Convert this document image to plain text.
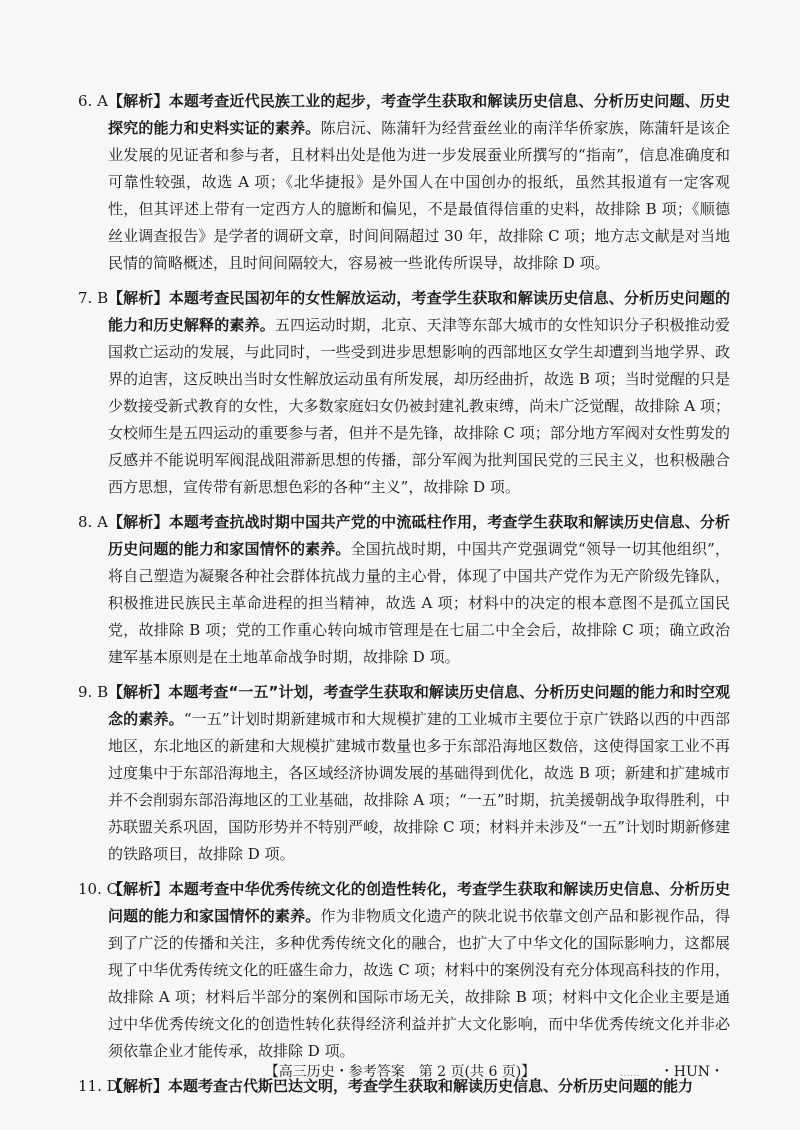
6. A 【解析】本题考查近代民族工业的起步，考查学生获取和解读历史信息、分析历史问题、历史探究的能力和史料实证的素养。陈启沅、陈蒲轩为经营蚕丝业的南洋华侨家族，陈蒲轩是该企业发展的见证者和参与者，且材料出处是他为进一步发展蚕业所撰写的“指南”，信息准确度和可靠性较强，故选 A 项；《北华捷报》是外国人在中国创办的报纸，虽然其报道有一定客观性，但其评述上带有一定西方人的臆断和偏见，不是最值得信重的史料，故排除 B 项；《顺德丝业调查报告》是学者的调研文章，时间间隔超过 30 年，故排除 C 项；地方志文献是对当地民情的简略概述，且时间间隔较大，容易被一些讹传所误导，故排除 D 项。
7. B 【解析】本题考查民国初年的女性解放运动，考查学生获取和解读历史信息、分析历史问题的能力和历史解释的素养。五四运动时期，北京、天津等东部大城市的女性知识分子积极推动爱国救亡运动的发展，与此同时，一些受到进步思想影响的西部地区女学生却遭到当地学界、政界的迫害，这反映出当时女性解放运动虽有所发展，却历经曲折，故选 B 项；当时觉醒的只是少数接受新式教育的女性，大多数家庭妇女仍被封建礼教束缚，尚未广泛觉醒，故排除 A 项；女校师生是五四运动的重要参与者，但并不是先锋，故排除 C 项；部分地方军阀对女性剪发的反感并不能说明军阀混战阻滞新思想的传播，部分军阀为批判国民党的三民主义，也积极融合西方思想，宣传带有新思想色彩的各种“主义”，故排除 D 项。
8. A 【解析】本题考查抗战时期中国共产党的中流砥柱作用，考查学生获取和解读历史信息、分析历史问题的能力和家国情怀的素养。全国抗战时期，中国共产党强调党“领导一切其他组织”，将自己塑造为凝聚各种社会群体抗战力量的主心骨，体现了中国共产党作为无产阶级先锋队，积极推进民族民主革命进程的担当精神，故选 A 项；材料中的决定的根本意图不是孤立国民党，故排除 B 项；党的工作重心转向城市管理是在七届二中全会后，故排除 C 项；确立政治建军基本原则是在土地革命战争时期，故排除 D 项。
9. B 【解析】本题考查“一五”计划，考查学生获取和解读历史信息、分析历史问题的能力和时空观念的素养。“一五”计划时期新建城市和大规模扩建的工业城市主要位于京广铁路以西的中西部地区，东北地区的新建和大规模扩建城市数量也多于东部沿海地区数倍，这使得国家工业不再过度集中于东部沿海地主，各区域经济协调发展的基础得到优化，故选 B 项；新建和扩建城市并不会削弱东部沿海地区的工业基础，故排除 A 项；“一五”时期，抗美援朝战争取得胜利，中苏联盟关系巩固，国防形势并不特别严峻，故排除 C 项；材料并未涉及“一五”计划时期新修建的铁路项目，故排除 D 项。
10. C
【解析】本题考查中华优秀传统文化的创造性转化，考查学生获取和解读历史信息、分析历史问题的能力和家国情怀的素养。作为非物质文化遗产的陕北说书依靠文创产品和影视作品，得到了广泛的传播和关注，多种优秀传统文化的融合，也扩大了中华文化的国际影响力，这都展现了中华优秀传统文化的旺盛生命力，故选 C 项；材料中的案例没有充分体现高科技的作用，故排除 A 项；材料后半部分的案例和国际市场无关，故排除 B 项；材料中文化企业主要是通过中华优秀传统文化的创造性转化获得经济利益并扩大文化影响，而中华优秀传统文化并非必须依靠企业才能传承，故排除 D 项。
11. D
【解析】本题考查古代斯巴达文明，考查学生获取和解读历史信息、分析历史问题的能力
【高三历史・参考答案　第 2 页(共 6 页)】	…… ・HUN・
